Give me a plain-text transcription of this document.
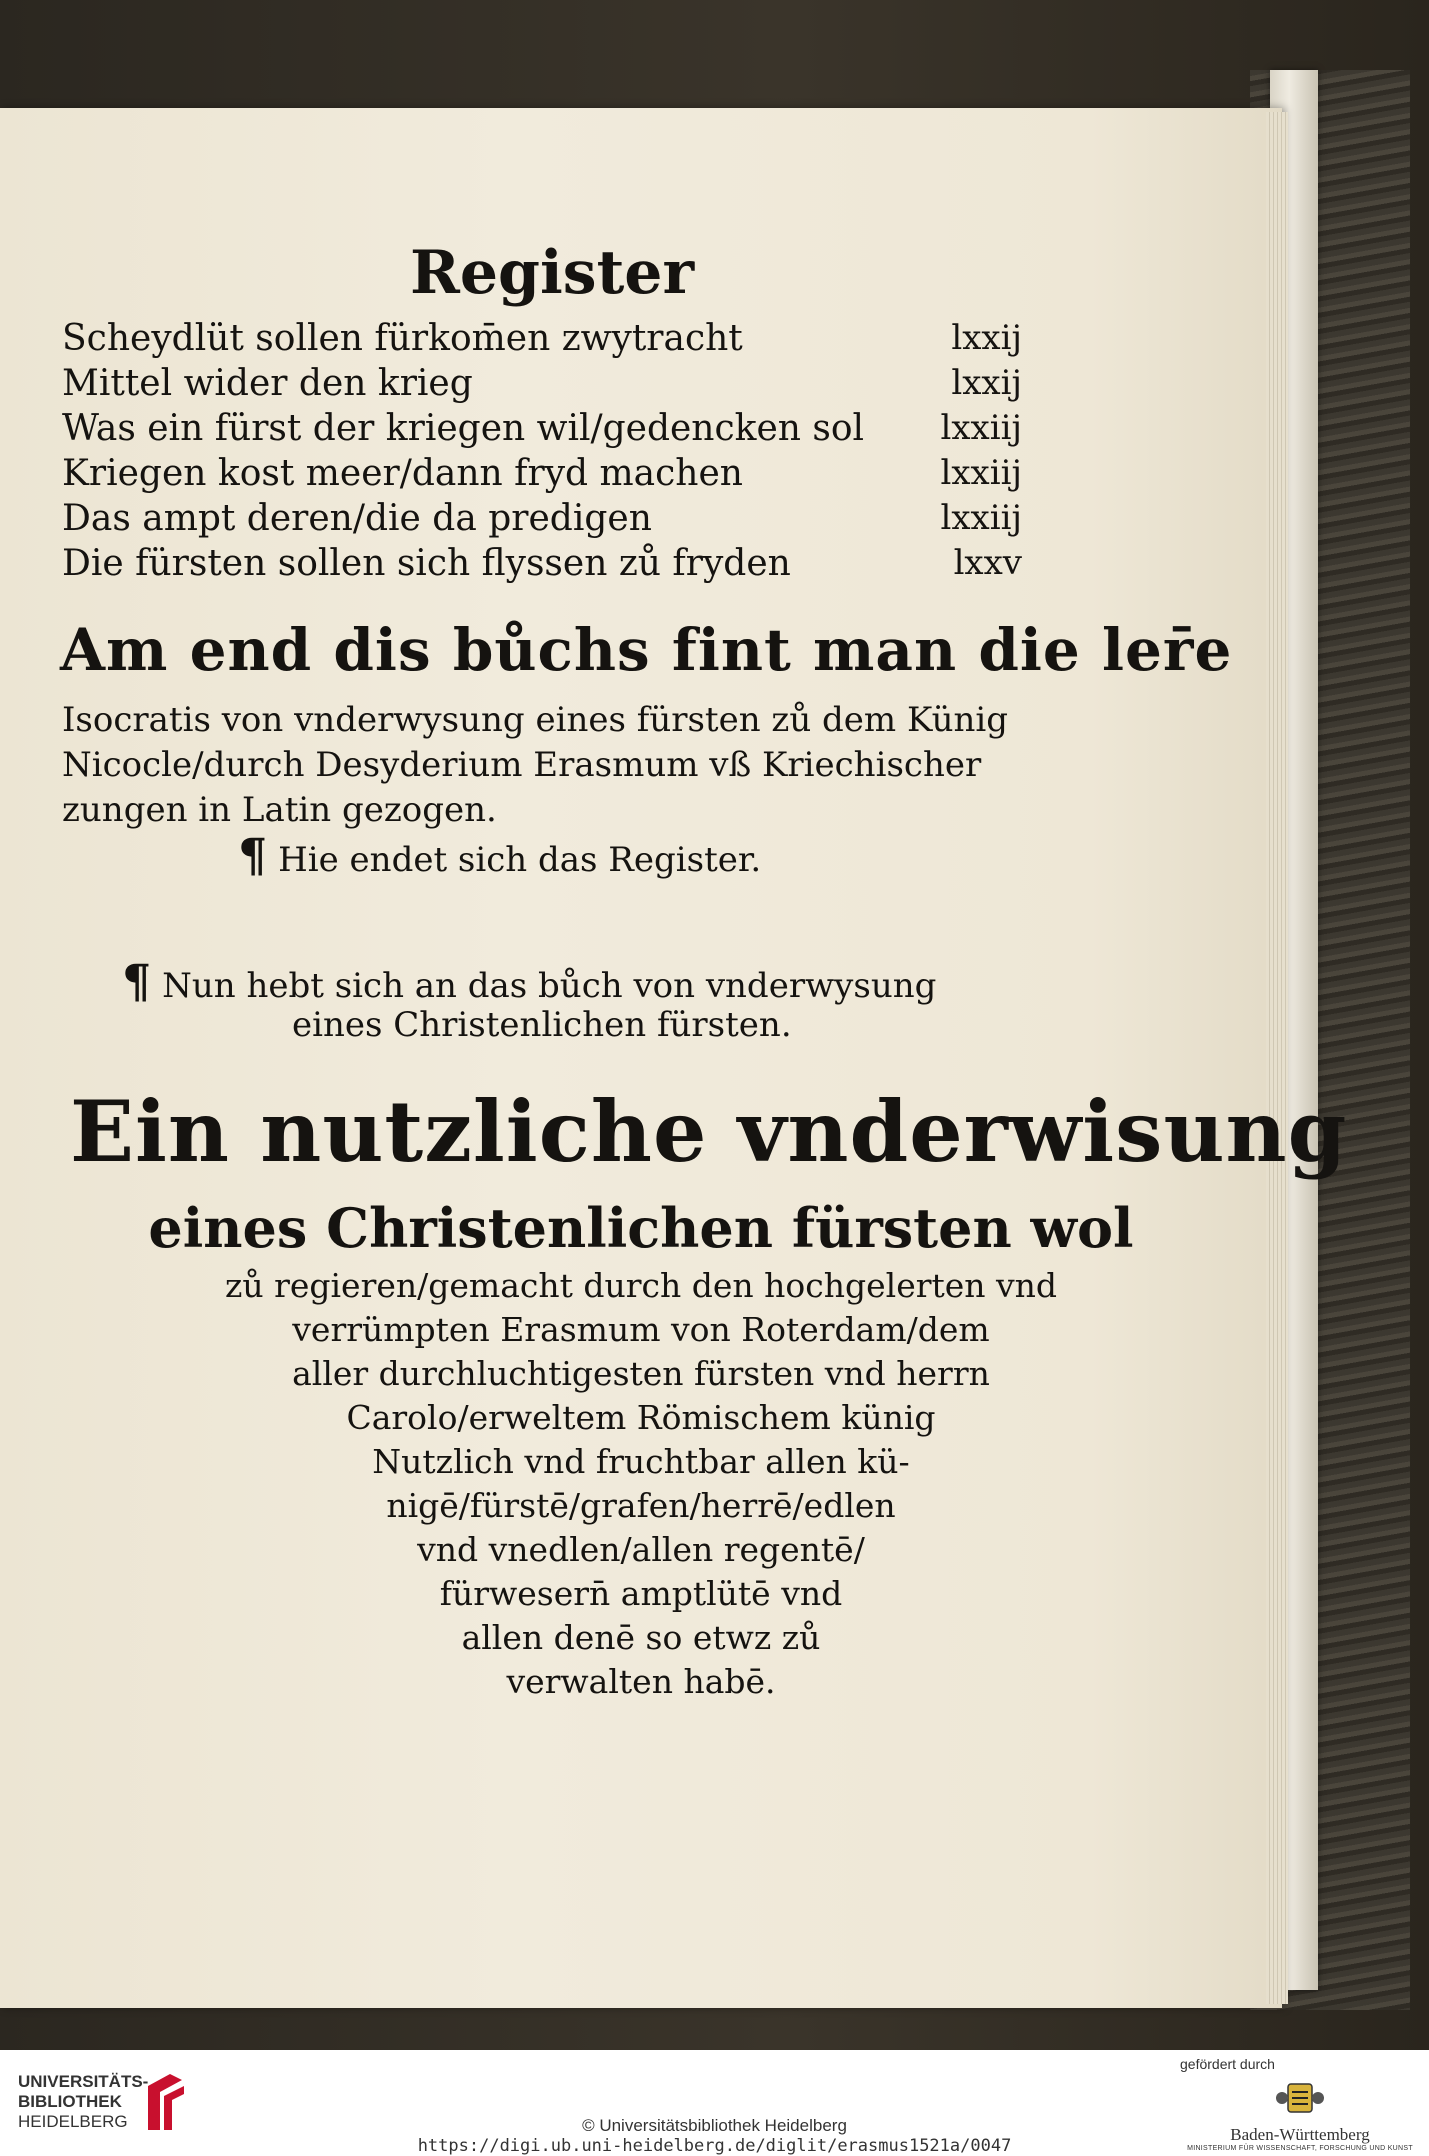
Register
Scheydlüt sollen fürkom̄en zwytracht	lxxij
Mittel wider den krieg	lxxij
Was ein fürst der kriegen wil/gedencken sol lxxiij
Kriegen kost meer/dann fryd machen	lxxiij
Das ampt deren/die da predigen	lxxiij
Die fürsten sollen sich flyssen zů fryden	lxxv
Am end dis bůchs fint man die ler̄e
Isocratis von vnderwysung eines fürsten zů dem Künig
Nicocle/durch Desyderium Erasmum vß Kriechischer
zungen in Latin gezogen.
¶ Hie endet sich das Register.
¶ Nun hebt sich an das bůch von vnderwysung
eines Christenlichen fürsten.
Ein nutzliche vnderwisung
eines Christenlichen fürsten wol
zů regieren/gemacht durch den hochgelerten vnd
verrümpten Erasmum von Roterdam/dem
aller durchluchtigesten fürsten vnd herrn
Carolo/erweltem Römischem künig
Nutzlich vnd fruchtbar allen kü-
nigē/fürstē/grafen/herrē/edlen
vnd vnedlen/allen regentē/
fürwesern̄ amptlütē vnd
allen denē so etwz zů
verwalten habē.
UNIVERSITÄTS-
BIBLIOTHEK
HEIDELBERG	© Universitätsbibliothek Heidelberg
https://digi.ub.uni-heidelberg.de/diglit/erasmus1521a/0047
gefördert durch
Baden-Württemberg
MINISTERIUM FÜR WISSENSCHAFT, FORSCHUNG UND KUNST
